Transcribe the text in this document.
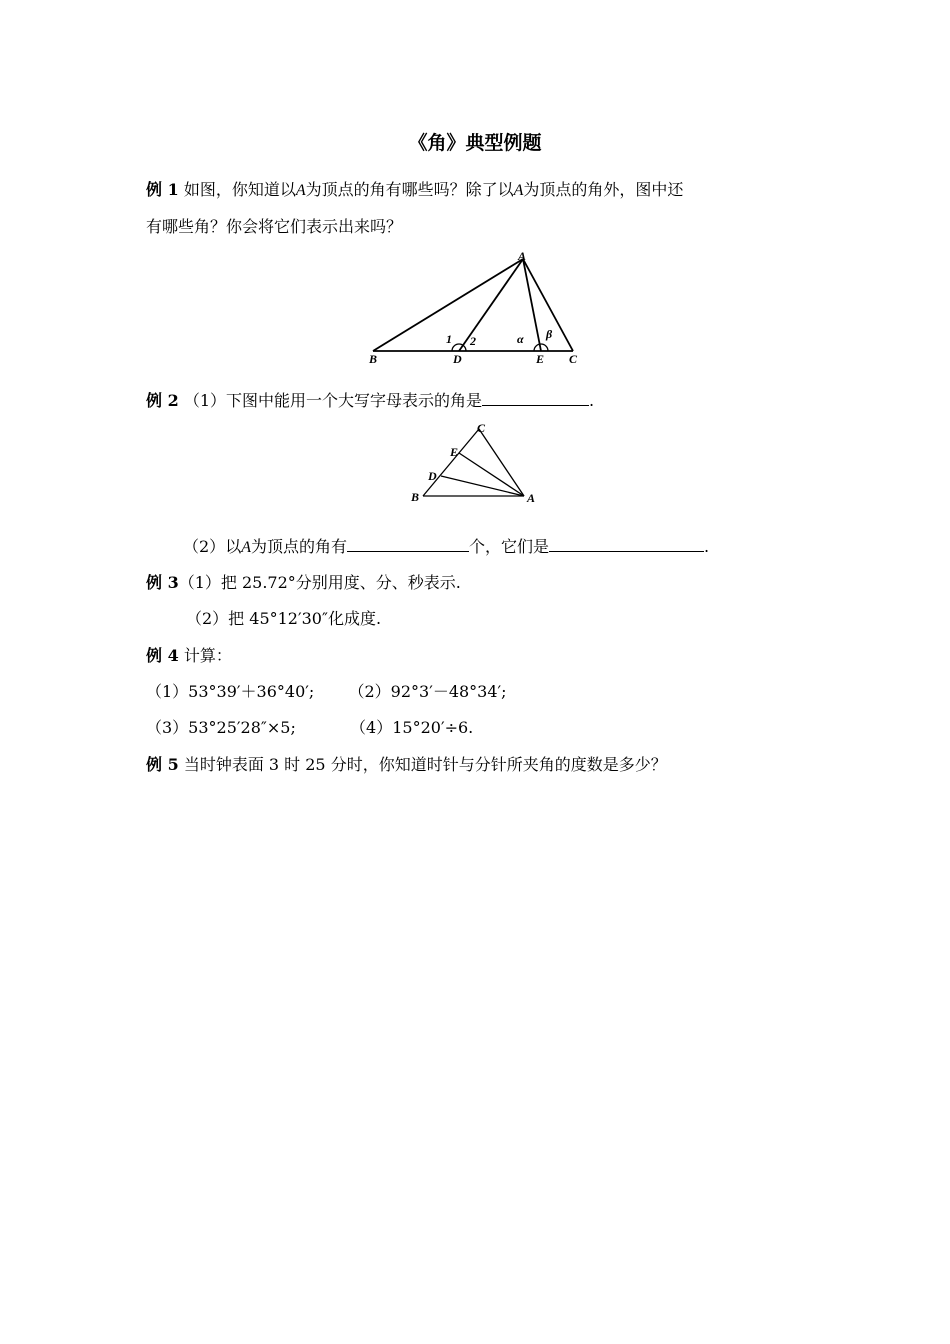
《角》典型例题
例 1 如图，你知道以A为顶点的角有哪些吗？除了以A为顶点的角外，图中还
有哪些角？你会将它们表示出来吗？
A
B	D	E C
1 2	α β
例 2 （1）下图中能用一个大写字母表示的角是	.
C
E
D
B	A
（2）以A为顶点的角有	个，它们是	.
例 3（1）把 25.72°分别用度、分、秒表示.
（2）把 45°12′30″化成度.
例 4 计算：
（1）53°39′＋36°40′; （2）92°3′－48°34′;
（3）53°25′28″×5;	（4）15°20′÷6.
例 5 当时钟表面 3 时 25 分时，你知道时针与分针所夹角的度数是多少？
